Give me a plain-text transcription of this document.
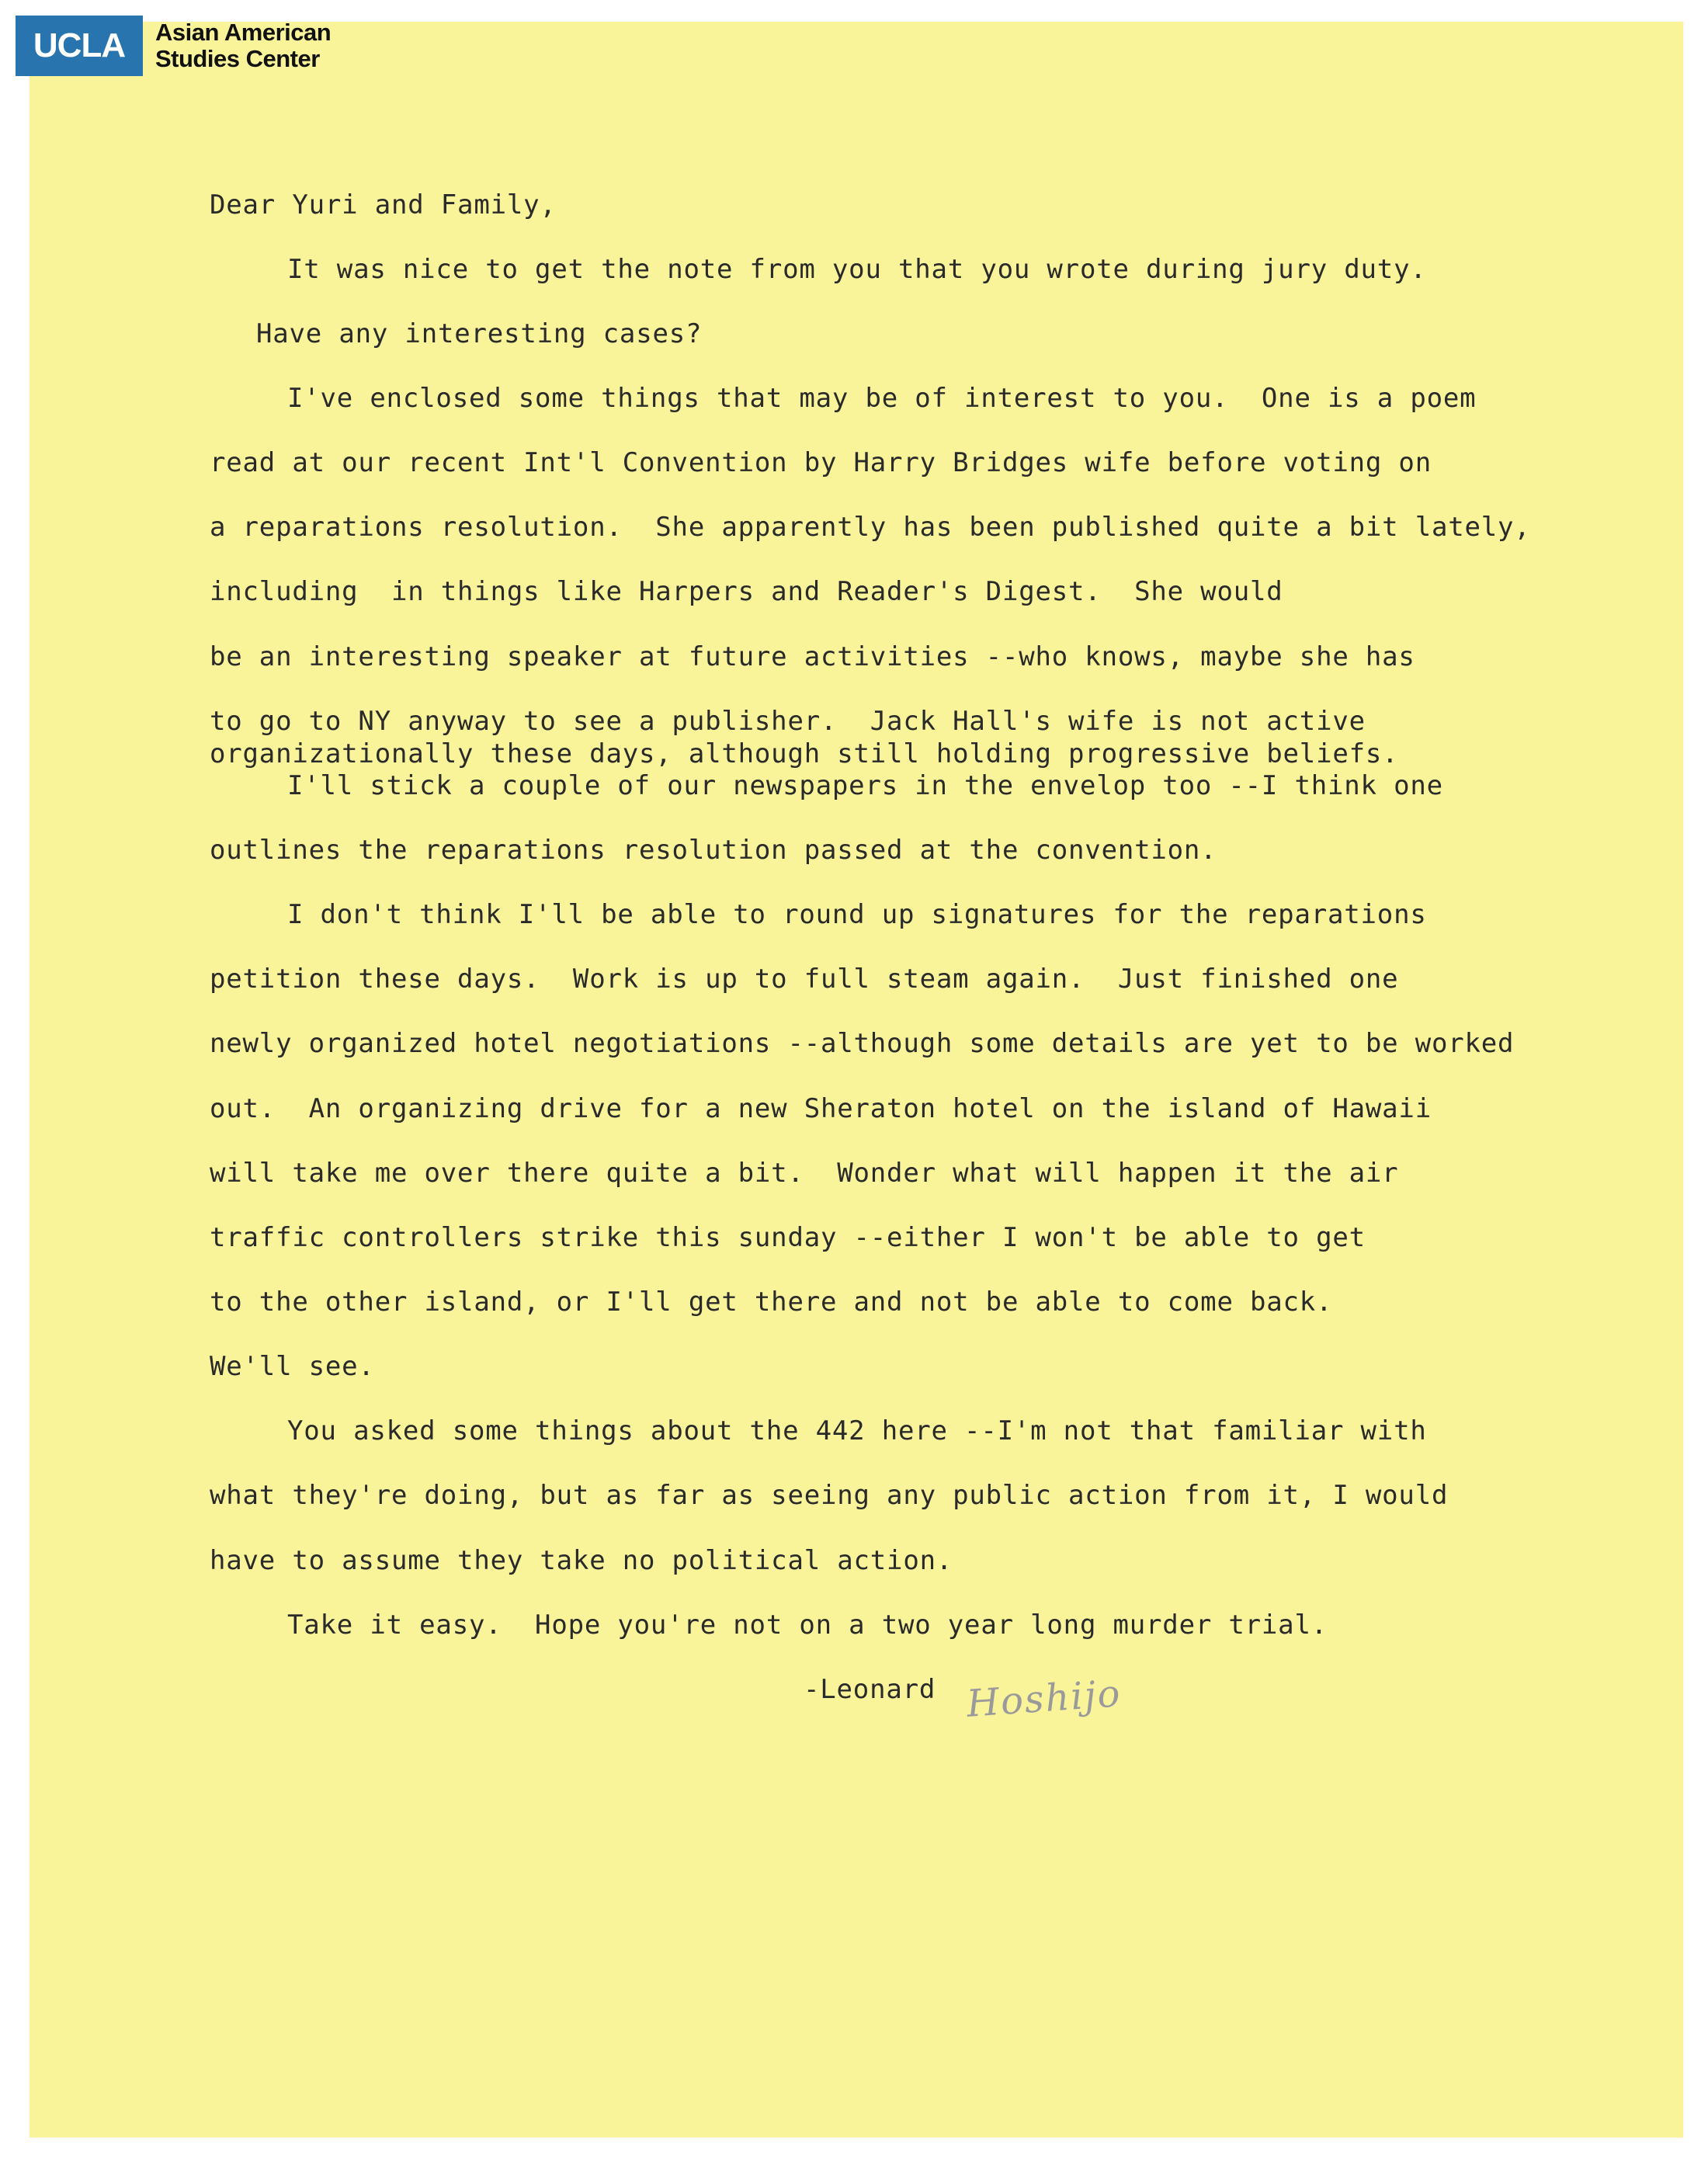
UCLA	Asian American
Studies Center
Dear Yuri and Family,
It was nice to get the note from you that you wrote during jury duty.
Have any interesting cases?
I've enclosed some things that may be of interest to you.  One is a poem
read at our recent Int'l Convention by Harry Bridges wife before voting on
a reparations resolution.  She apparently has been published quite a bit lately,
including  in things like Harpers and Reader's Digest.  She would
be an interesting speaker at future activities --who knows, maybe she has
to go to NY anyway to see a publisher.  Jack Hall's wife is not active
organizationally these days, although still holding progressive beliefs.
I'll stick a couple of our newspapers in the envelop too --I think one
outlines the reparations resolution passed at the convention.
I don't think I'll be able to round up signatures for the reparations
petition these days.  Work is up to full steam again.  Just finished one
newly organized hotel negotiations --although some details are yet to be worked
out.  An organizing drive for a new Sheraton hotel on the island of Hawaii
will take me over there quite a bit.  Wonder what will happen it the air
traffic controllers strike this sunday --either I won't be able to get
to the other island, or I'll get there and not be able to come back.
We'll see.
You asked some things about the 442 here --I'm not that familiar with
what they're doing, but as far as seeing any public action from it, I would
have to assume they take no political action.
Take it easy.  Hope you're not on a two year long murder trial.
-Leonard Hoshijo
